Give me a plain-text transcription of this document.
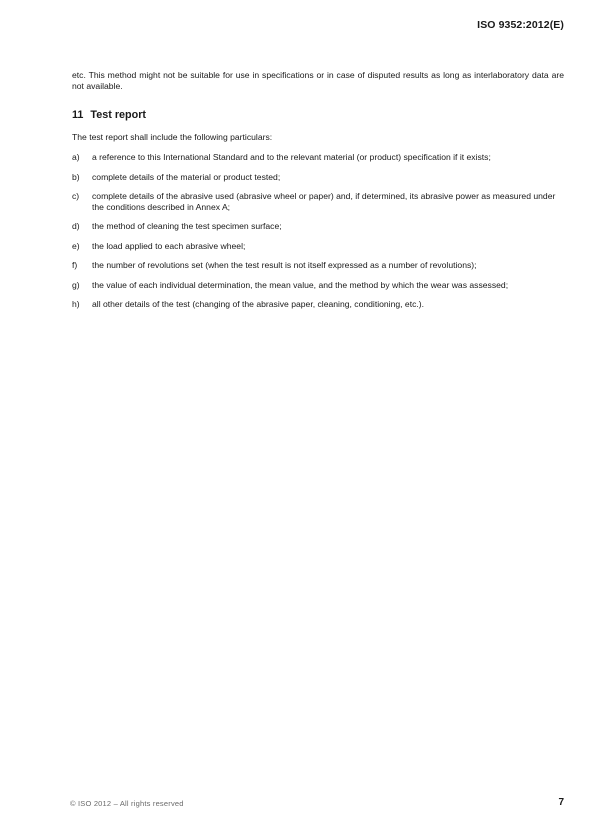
ISO 9352:2012(E)

etc. This method might not be suitable for use in specifications or in case of disputed results as long as interlaboratory data are not available.

11 Test report

The test report shall include the following particulars:

a)	a reference to this International Standard and to the relevant material (or product) specification if it exists;
b)	complete details of the material or product tested;
c)	complete details of the abrasive used (abrasive wheel or paper) and, if determined, its abrasive power as measured under the conditions described in Annex A;
d)	the method of cleaning the test specimen surface;
e)	the load applied to each abrasive wheel;
f)	the number of revolutions set (when the test result is not itself expressed as a number of revolutions);
g)	the value of each individual determination, the mean value, and the method by which the wear was assessed;
h)	all other details of the test (changing of the abrasive paper, cleaning, conditioning, etc.).
© ISO 2012 – All rights reserved	7
